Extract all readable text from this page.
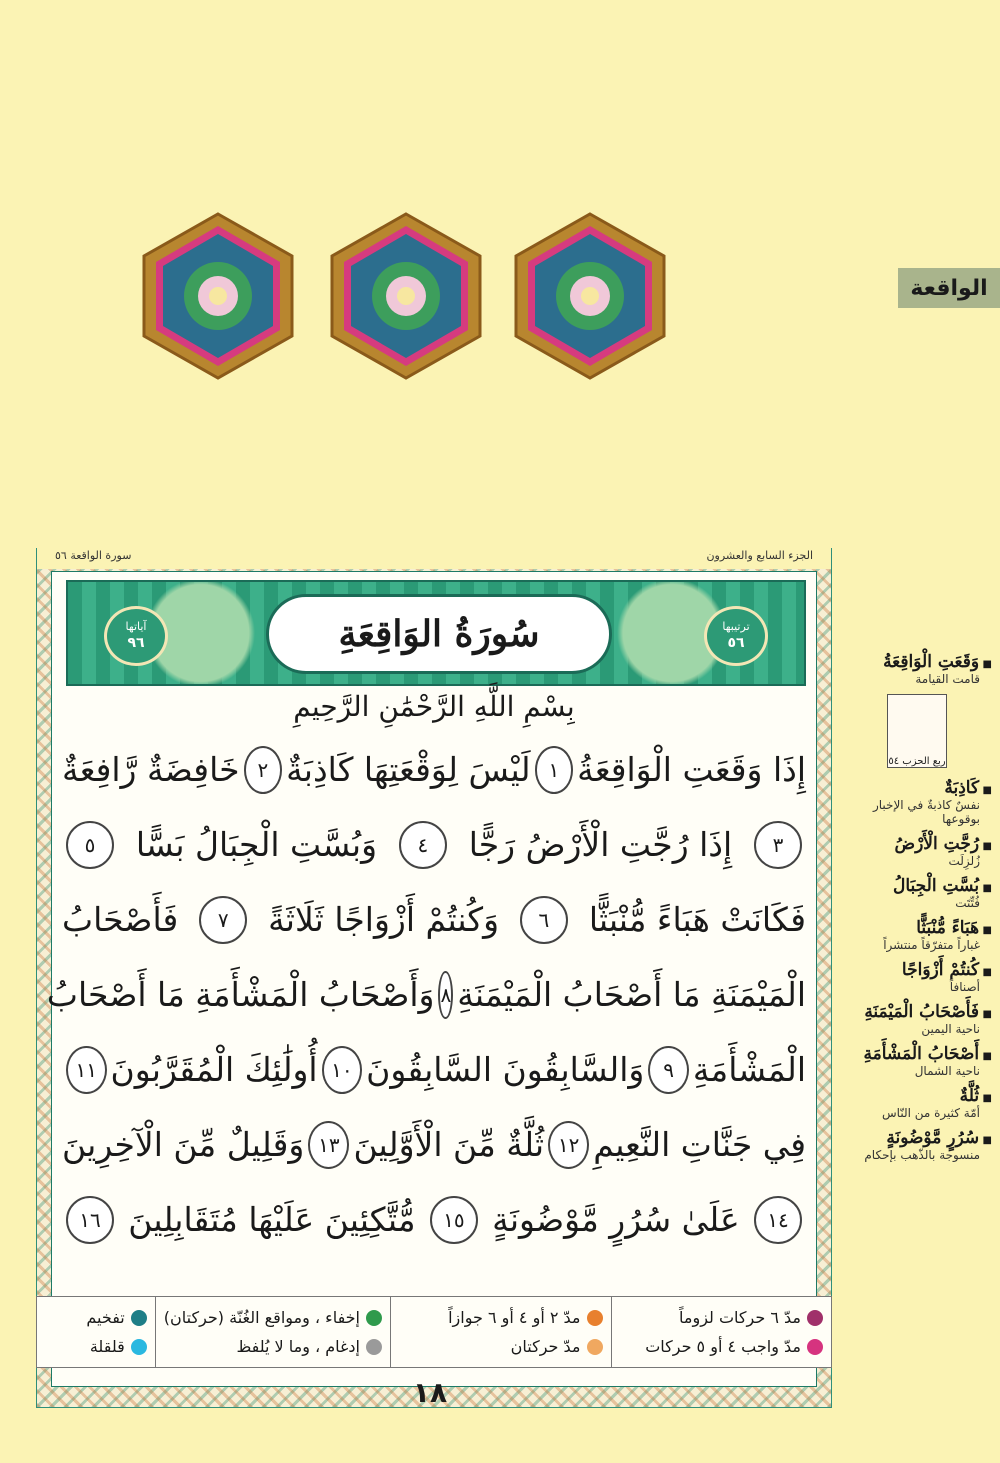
الواقعة
الجزء السابع والعشرون
سورة الواقعة ٥٦
ترتيبها
٥٦
سُورَةُ الوَاقِعَةِ
آياتها
٩٦
بِسْمِ اللَّهِ الرَّحْمَٰنِ الرَّحِيمِ
إِذَا وَقَعَتِ الْوَاقِعَةُ
١
لَيْسَ لِوَقْعَتِهَا كَاذِبَةٌ
٢
خَافِضَةٌ رَّافِعَةٌ
٣
إِذَا رُجَّتِ الْأَرْضُ رَجًّا
٤
وَبُسَّتِ الْجِبَالُ بَسًّا
٥
فَكَانَتْ هَبَاءً مُّنْبَثًّا
٦
وَكُنتُمْ أَزْوَاجًا ثَلَاثَةً
٧
فَأَصْحَابُ
الْمَيْمَنَةِ مَا أَصْحَابُ الْمَيْمَنَةِ
٨
وَأَصْحَابُ الْمَشْأَمَةِ مَا أَصْحَابُ
الْمَشْأَمَةِ
٩
وَالسَّابِقُونَ السَّابِقُونَ
١٠
أُولَٰئِكَ الْمُقَرَّبُونَ
١١
فِي جَنَّاتِ النَّعِيمِ
١٢
ثُلَّةٌ مِّنَ الْأَوَّلِينَ
١٣
وَقَلِيلٌ مِّنَ الْآخِرِينَ
١٤
عَلَىٰ سُرُرٍ مَّوْضُونَةٍ
١٥
مُّتَّكِئِينَ عَلَيْهَا مُتَقَابِلِينَ
١٦
مدّ ٦ حركات لزوماً
مدّ واجب ٤ أو ٥ حركات
مدّ ٢ أو ٤ أو ٦ جوازاً
مدّ حركتان
إخفاء ، ومواقع الغُنّة (حركتان)
إدغام ، وما لا يُلفظ
تفخيم
قلقلة
١٨
■ وَقَعَتِ الْوَاقِعَةُ
قامت القيامة
ربع الحزب ٥٤
■ كَاذِبَةٌ
نفسٌ كاذبةٌ في الإخبار بوقوعها
■ رُجَّتِ الْأَرْضُ
زُلزِلَت
■ بُسَّتِ الْجِبَالُ
فُتِّتَت
■ هَبَاءً مُّنْبَثًّا
غباراً متفرّقاً منتشراً
■ كُنتُمْ أَزْوَاجًا
أصنافاً
■ فَأَصْحَابُ الْمَيْمَنَةِ
ناحية اليمين
■ أَصْحَابُ الْمَشْأَمَةِ
ناحية الشمال
■ ثُلَّةٌ
أمّة كثيرة من النّاس
■ سُرُرٍ مَّوْضُونَةٍ
منسوجة بالذّهب بإحكام
